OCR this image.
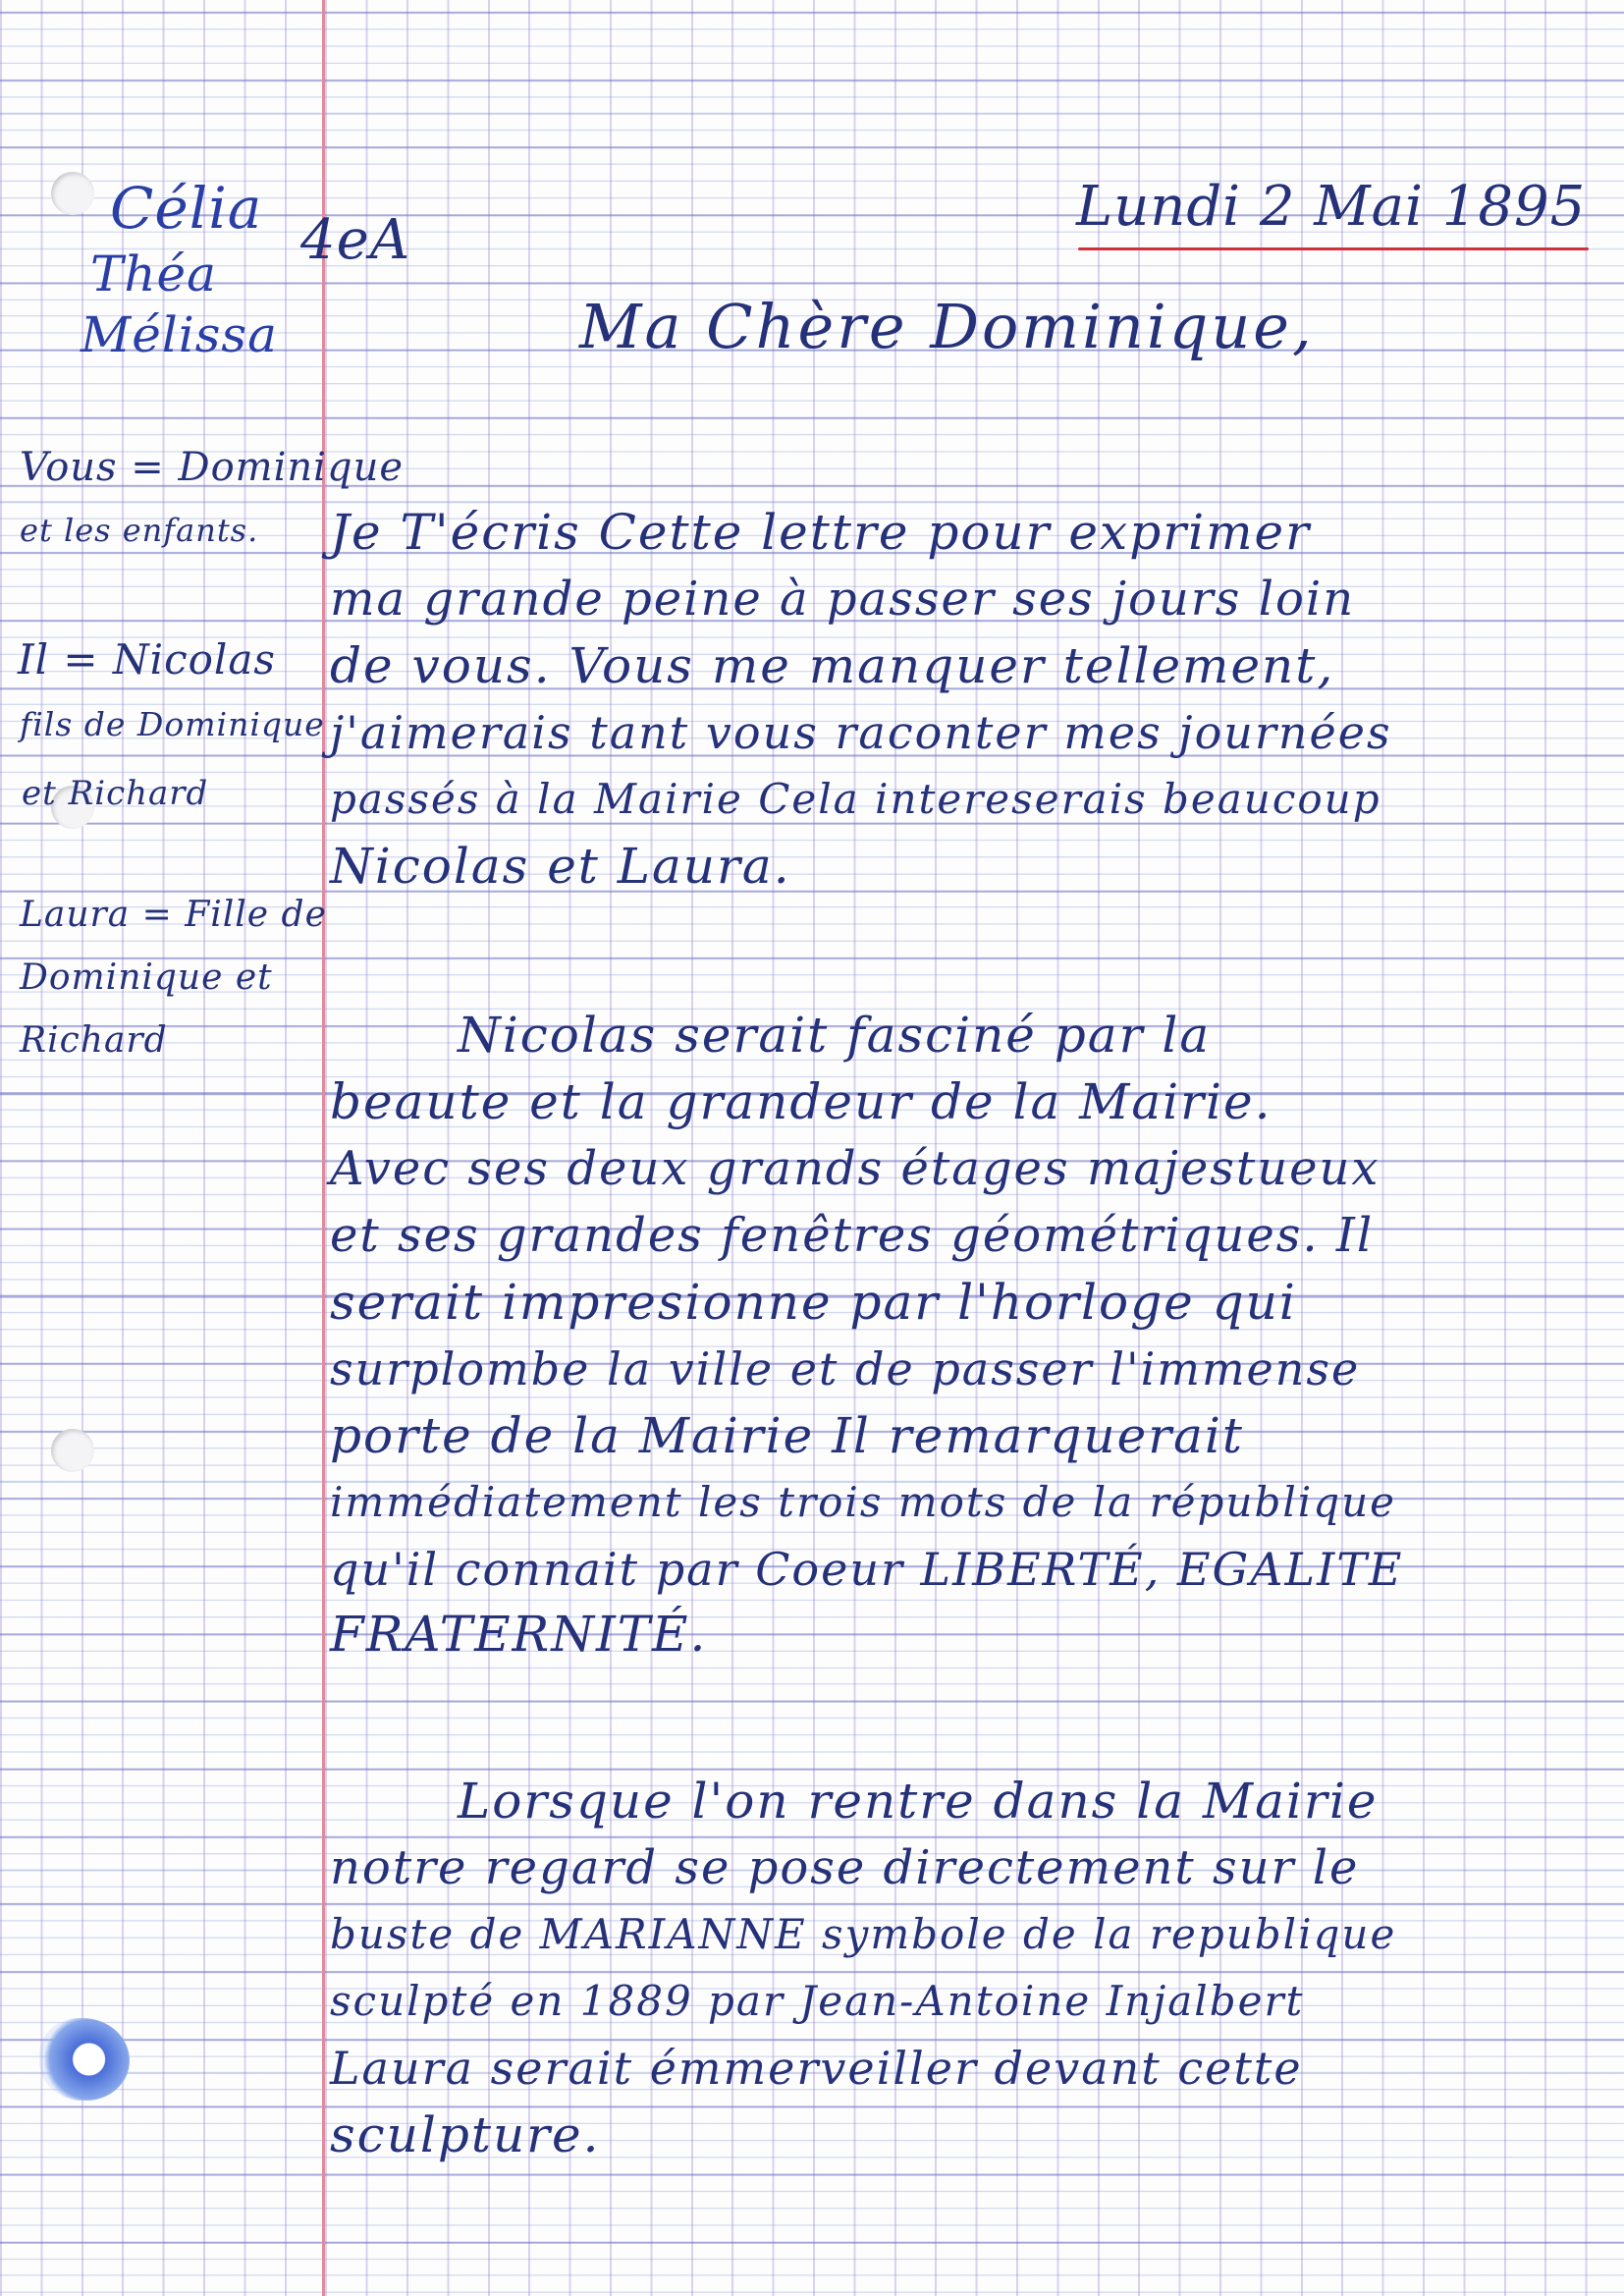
Célia

Théa

Mélissa

4eA

Lundi 2 Mai 1895

Vous = Dominique

et les enfants.

Il = Nicolas

fils de Dominique

et Richard

Laura = Fille de

Dominique et

Richard

Ma Chère Dominique,

Je T'écris Cette lettre pour exprimer

ma grande peine à passer ses jours loin

de vous. Vous me manquer tellement,

j'aimerais tant vous raconter mes journées

passés à la Mairie Cela intereserais beaucoup

Nicolas et Laura.

Nicolas serait fasciné par la

beaute et la grandeur de la Mairie.

Avec ses deux grands étages majestueux

et ses grandes fenêtres géométriques. Il

serait impresionne par l'horloge qui

surplombe la ville et de passer l'immense

porte de la Mairie Il remarquerait

immédiatement les trois mots de la république

qu'il connait par Coeur LIBERTÉ, EGALITE

FRATERNITÉ.

Lorsque l'on rentre dans la Mairie

notre regard se pose directement sur le

buste de MARIANNE symbole de la republique

sculpté en 1889 par Jean-Antoine Injalbert

Laura serait émmerveiller devant cette

sculpture.
